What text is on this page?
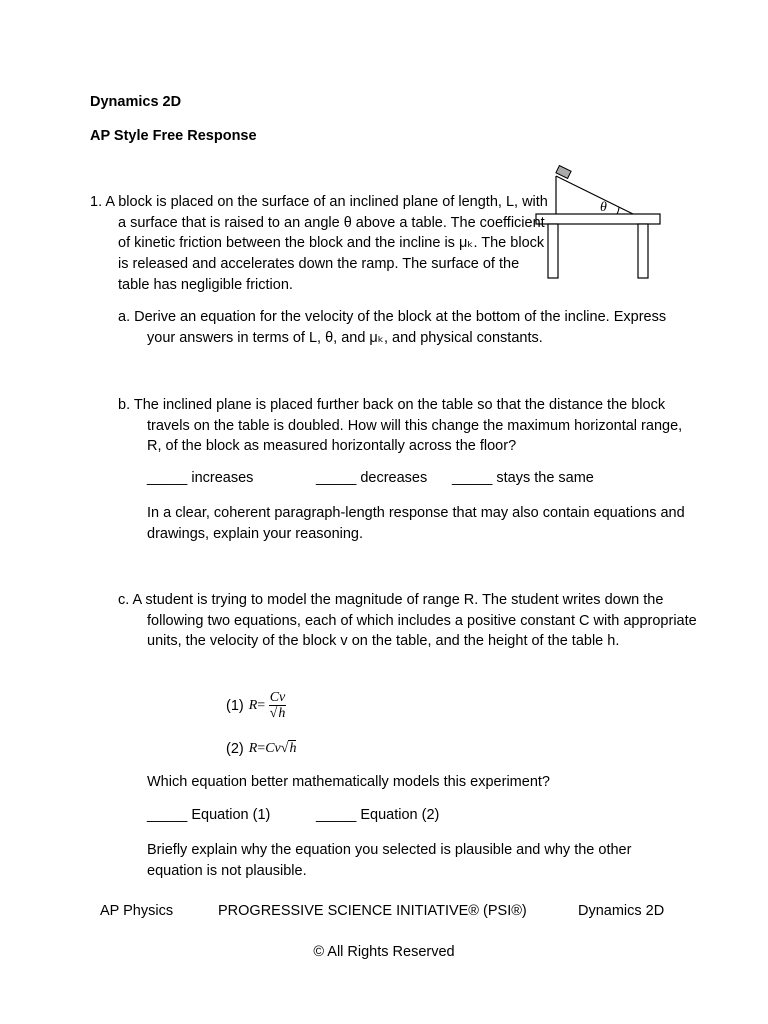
Dynamics 2D
AP Style Free Response
θ
1. A block is placed on the surface of an inclined plane of length, L, with a surface that is raised to an angle θ above a table. The coefficient of kinetic friction between the block and the incline is μₖ. The block is released and accelerates down the ramp. The surface of the table has negligible friction.
a. Derive an equation for the velocity of the block at the bottom of the incline. Express your answers in terms of L, θ, and μₖ, and physical constants.
b. The inclined plane is placed further back on the table so that the distance the block travels on the table is doubled. How will this change the maximum horizontal range, R, of the block as measured horizontally across the floor?
_____ increases	_____ decreases _____ stays the same
In a clear, coherent paragraph-length response that may also contain equations and drawings, explain your reasoning.
c. A student is trying to model the magnitude of range R. The student writes down the following two equations, each of which includes a positive constant C with appropriate units, the velocity of the block v on the table, and the height of the table h.
(1) $R= \frac{Cv}{√h}$
(2) R=Cv√h
Which equation better mathematically models this experiment?
_____ Equation (1)	_____ Equation (2)
Briefly explain why the equation you selected is plausible and why the other equation is not plausible.
AP Physics	PROGRESSIVE SCIENCE INITIATIVE® (PSI®)	Dynamics 2D
© All Rights Reserved
